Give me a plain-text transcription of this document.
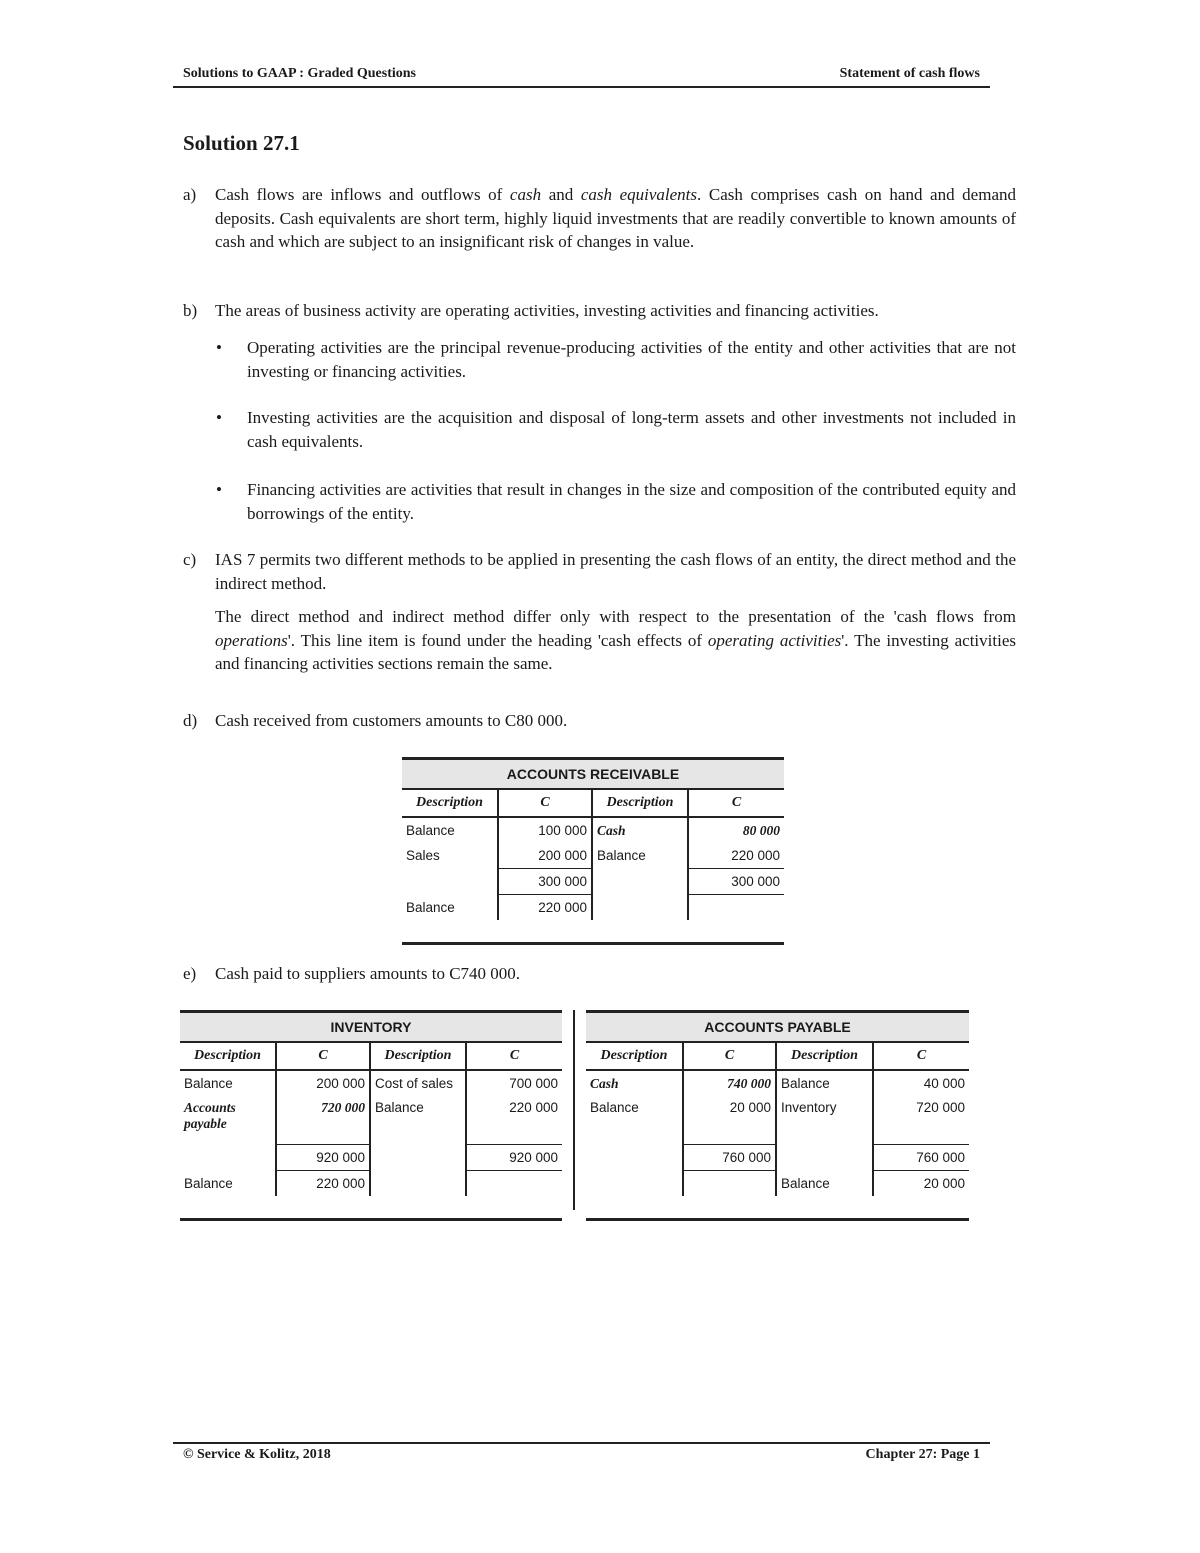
Solutions to GAAP : Graded Questions	Statement of cash flows
Solution 27.1
a) Cash flows are inflows and outflows of cash and cash equivalents. Cash comprises cash on hand and demand deposits. Cash equivalents are short term, highly liquid investments that are readily convertible to known amounts of cash and which are subject to an insignificant risk of changes in value.
b) The areas of business activity are operating activities, investing activities and financing activities.
• Operating activities are the principal revenue-producing activities of the entity and other activities that are not investing or financing activities.
• Investing activities are the acquisition and disposal of long-term assets and other investments not included in cash equivalents.
• Financing activities are activities that result in changes in the size and composition of the contributed equity and borrowings of the entity.
c) IAS 7 permits two different methods to be applied in presenting the cash flows of an entity, the direct method and the indirect method.
The direct method and indirect method differ only with respect to the presentation of the 'cash flows from operations'. This line item is found under the heading 'cash effects of operating activities'. The investing activities and financing activities sections remain the same.
d) Cash received from customers amounts to C80 000.
ACCOUNTS RECEIVABLE			
Description	C	Description	C
Balance	100 000	Cash	80 000
Sales	200 000	Balance	220 000
	300 000		300 000
Balance	220 000		

e) Cash paid to suppliers amounts to C740 000.
INVENTORY			
Description	C	Description	C
Balance	200 000	Cost of sales	700 000
Accounts payable	720 000	Balance	220 000
	920 000		920 000
Balance	220 000		

ACCOUNTS PAYABLE			
Description	C	Description	C
Cash	740 000	Balance	40 000
Balance	20 000	Inventory	720 000
	760 000		760 000
		Balance	20 000

© Service & Kolitz, 2018	Chapter 27: Page 1
